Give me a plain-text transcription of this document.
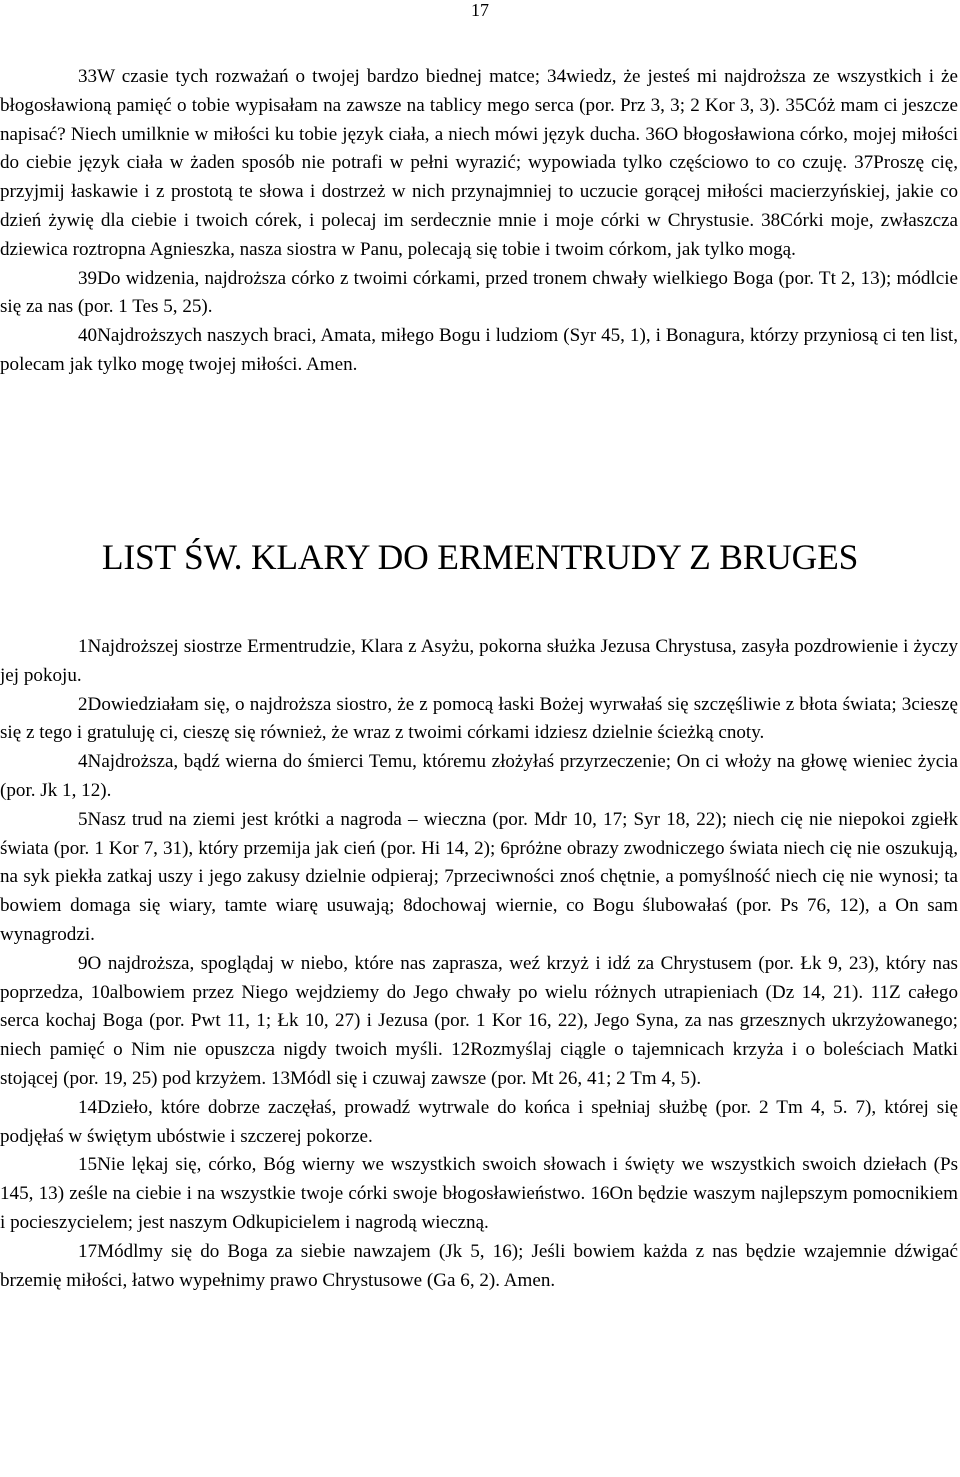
17

33W czasie tych rozważań o twojej bardzo biednej matce; 34wiedz, że jesteś mi najdroższa ze wszystkich i że błogosławioną pamięć o tobie wypisałam na zawsze na tablicy mego serca (por. Prz 3, 3; 2 Kor 3, 3). 35Cóż mam ci jeszcze napisać? Niech umilknie w miłości ku tobie język ciała, a niech mówi język ducha. 36O błogosławiona córko, mojej miłości do ciebie język ciała w żaden sposób nie potrafi w pełni wyrazić; wypowiada tylko częściowo to co czuję. 37Proszę cię, przyjmij łaskawie i z prostotą te słowa i dostrzeż w nich przynajmniej to uczucie gorącej miłości macierzyńskiej, jakie co dzień żywię dla ciebie i twoich córek, i polecaj im serdecznie mnie i moje córki w Chrystusie. 38Córki moje, zwłaszcza dziewica roztropna Agnieszka, nasza siostra w Panu, polecają się tobie i twoim córkom, jak tylko mogą.

39Do widzenia, najdroższa córko z twoimi córkami, przed tronem chwały wielkiego Boga (por. Tt 2, 13); módlcie się za nas (por. 1 Tes 5, 25).

40Najdroższych naszych braci, Amata, miłego Bogu i ludziom (Syr 45, 1), i Bonagura, którzy przyniosą ci ten list, polecam jak tylko mogę twojej miłości. Amen.

LIST ŚW. KLARY DO ERMENTRUDY Z BRUGES

1Najdroższej siostrze Ermentrudzie, Klara z Asyżu, pokorna służka Jezusa Chrystusa, zasyła pozdrowienie i życzy jej pokoju.

2Dowiedziałam się, o najdroższa siostro, że z pomocą łaski Bożej wyrwałaś się szczęśliwie z błota świata; 3cieszę się z tego i gratuluję ci, cieszę się również, że wraz z twoimi córkami idziesz dzielnie ścieżką cnoty.

4Najdroższa, bądź wierna do śmierci Temu, któremu złożyłaś przyrzeczenie; On ci włoży na głowę wieniec życia (por. Jk 1, 12).

5Nasz trud na ziemi jest krótki a nagroda – wieczna (por. Mdr 10, 17; Syr 18, 22); niech cię nie niepokoi zgiełk świata (por. 1 Kor 7, 31), który przemija jak cień (por. Hi 14, 2); 6próżne obrazy zwodniczego świata niech cię nie oszukują, na syk piekła zatkaj uszy i jego zakusy dzielnie odpieraj; 7przeciwności znoś chętnie, a pomyślność niech cię nie wynosi; ta bowiem domaga się wiary, tamte wiarę usuwają; 8dochowaj wiernie, co Bogu ślubowałaś (por. Ps 76, 12), a On sam wynagrodzi.

9O najdroższa, spoglądaj w niebo, które nas zaprasza, weź krzyż i idź za Chrystusem (por. Łk 9, 23), który nas poprzedza, 10albowiem przez Niego wejdziemy do Jego chwały po wielu różnych utrapieniach (Dz 14, 21). 11Z całego serca kochaj Boga (por. Pwt 11, 1; Łk 10, 27) i Jezusa (por. 1 Kor 16, 22), Jego Syna, za nas grzesznych ukrzyżowanego; niech pamięć o Nim nie opuszcza nigdy twoich myśli. 12Rozmyślaj ciągle o tajemnicach krzyża i o boleściach Matki stojącej (por. 19, 25) pod krzyżem. 13Módl się i czuwaj zawsze (por. Mt 26, 41; 2 Tm 4, 5).

14Dzieło, które dobrze zaczęłaś, prowadź wytrwale do końca i spełniaj służbę (por. 2 Tm 4, 5. 7), której się podjęłaś w świętym ubóstwie i szczerej pokorze.

15Nie lękaj się, córko, Bóg wierny we wszystkich swoich słowach i święty we wszystkich swoich dziełach (Ps 145, 13) ześle na ciebie i na wszystkie twoje córki swoje błogosławieństwo. 16On będzie waszym najlepszym pomocnikiem i pocieszycielem; jest naszym Odkupicielem i nagrodą wieczną.

17Módlmy się do Boga za siebie nawzajem (Jk 5, 16); Jeśli bowiem każda z nas będzie wzajemnie dźwigać brzemię miłości, łatwo wypełnimy prawo Chrystusowe (Ga 6, 2). Amen.
